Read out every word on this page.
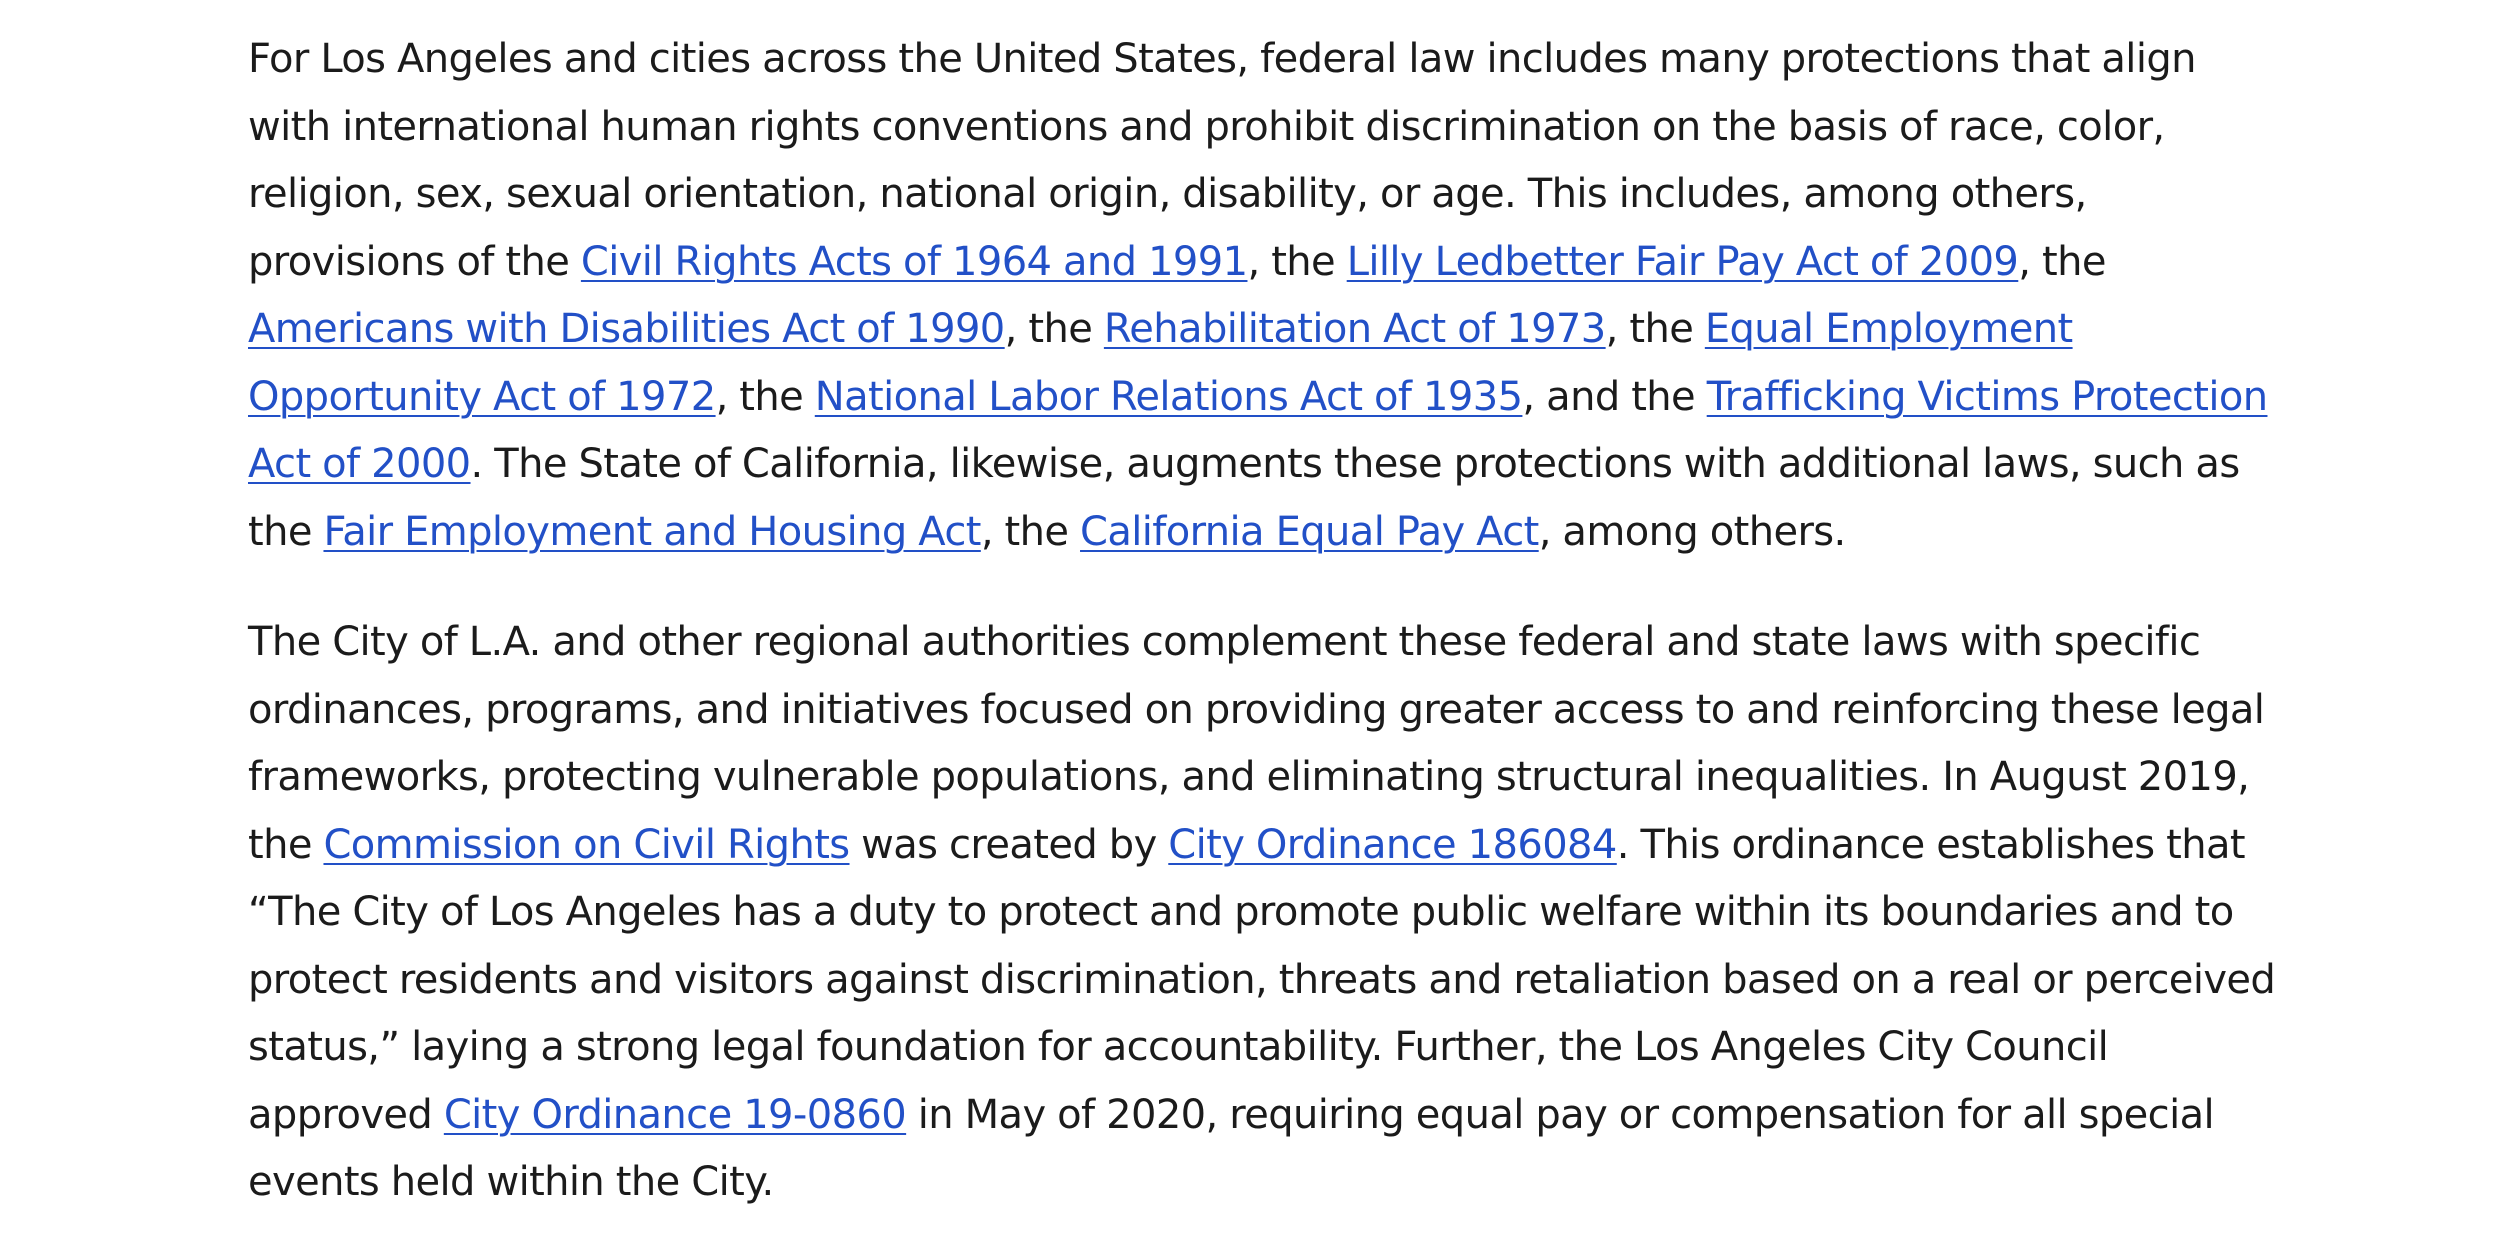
For Los Angeles and cities across the United States, federal law includes many protections that align with international human rights conventions and prohibit discrimination on the basis of race, color, religion, sex, sexual orientation, national origin, disability, or age. This includes, among others, provisions of the Civil Rights Acts of 1964 and 1991, the Lilly Ledbetter Fair Pay Act of 2009, the Americans with Disabilities Act of 1990, the Rehabilitation Act of 1973, the Equal Employment Opportunity Act of 1972, the National Labor Relations Act of 1935, and the Trafficking Victims Protection Act of 2000. The State of California, likewise, augments these protections with additional laws, such as the Fair Employment and Housing Act, the California Equal Pay Act, among others.

The City of L.A. and other regional authorities complement these federal and state laws with specific ordinances, programs, and initiatives focused on providing greater access to and reinforcing these legal frameworks, protecting vulnerable populations, and eliminating structural inequalities. In August 2019, the Commission on Civil Rights was created by City Ordinance 186084. This ordinance establishes that “The City of Los Angeles has a duty to protect and promote public welfare within its boundaries and to protect residents and visitors against discrimination, threats and retaliation based on a real or perceived status,” laying a strong legal foundation for accountability. Further, the Los Angeles City Council approved City Ordinance 19-0860 in May of 2020, requiring equal pay or compensation for all special events held within the City.
